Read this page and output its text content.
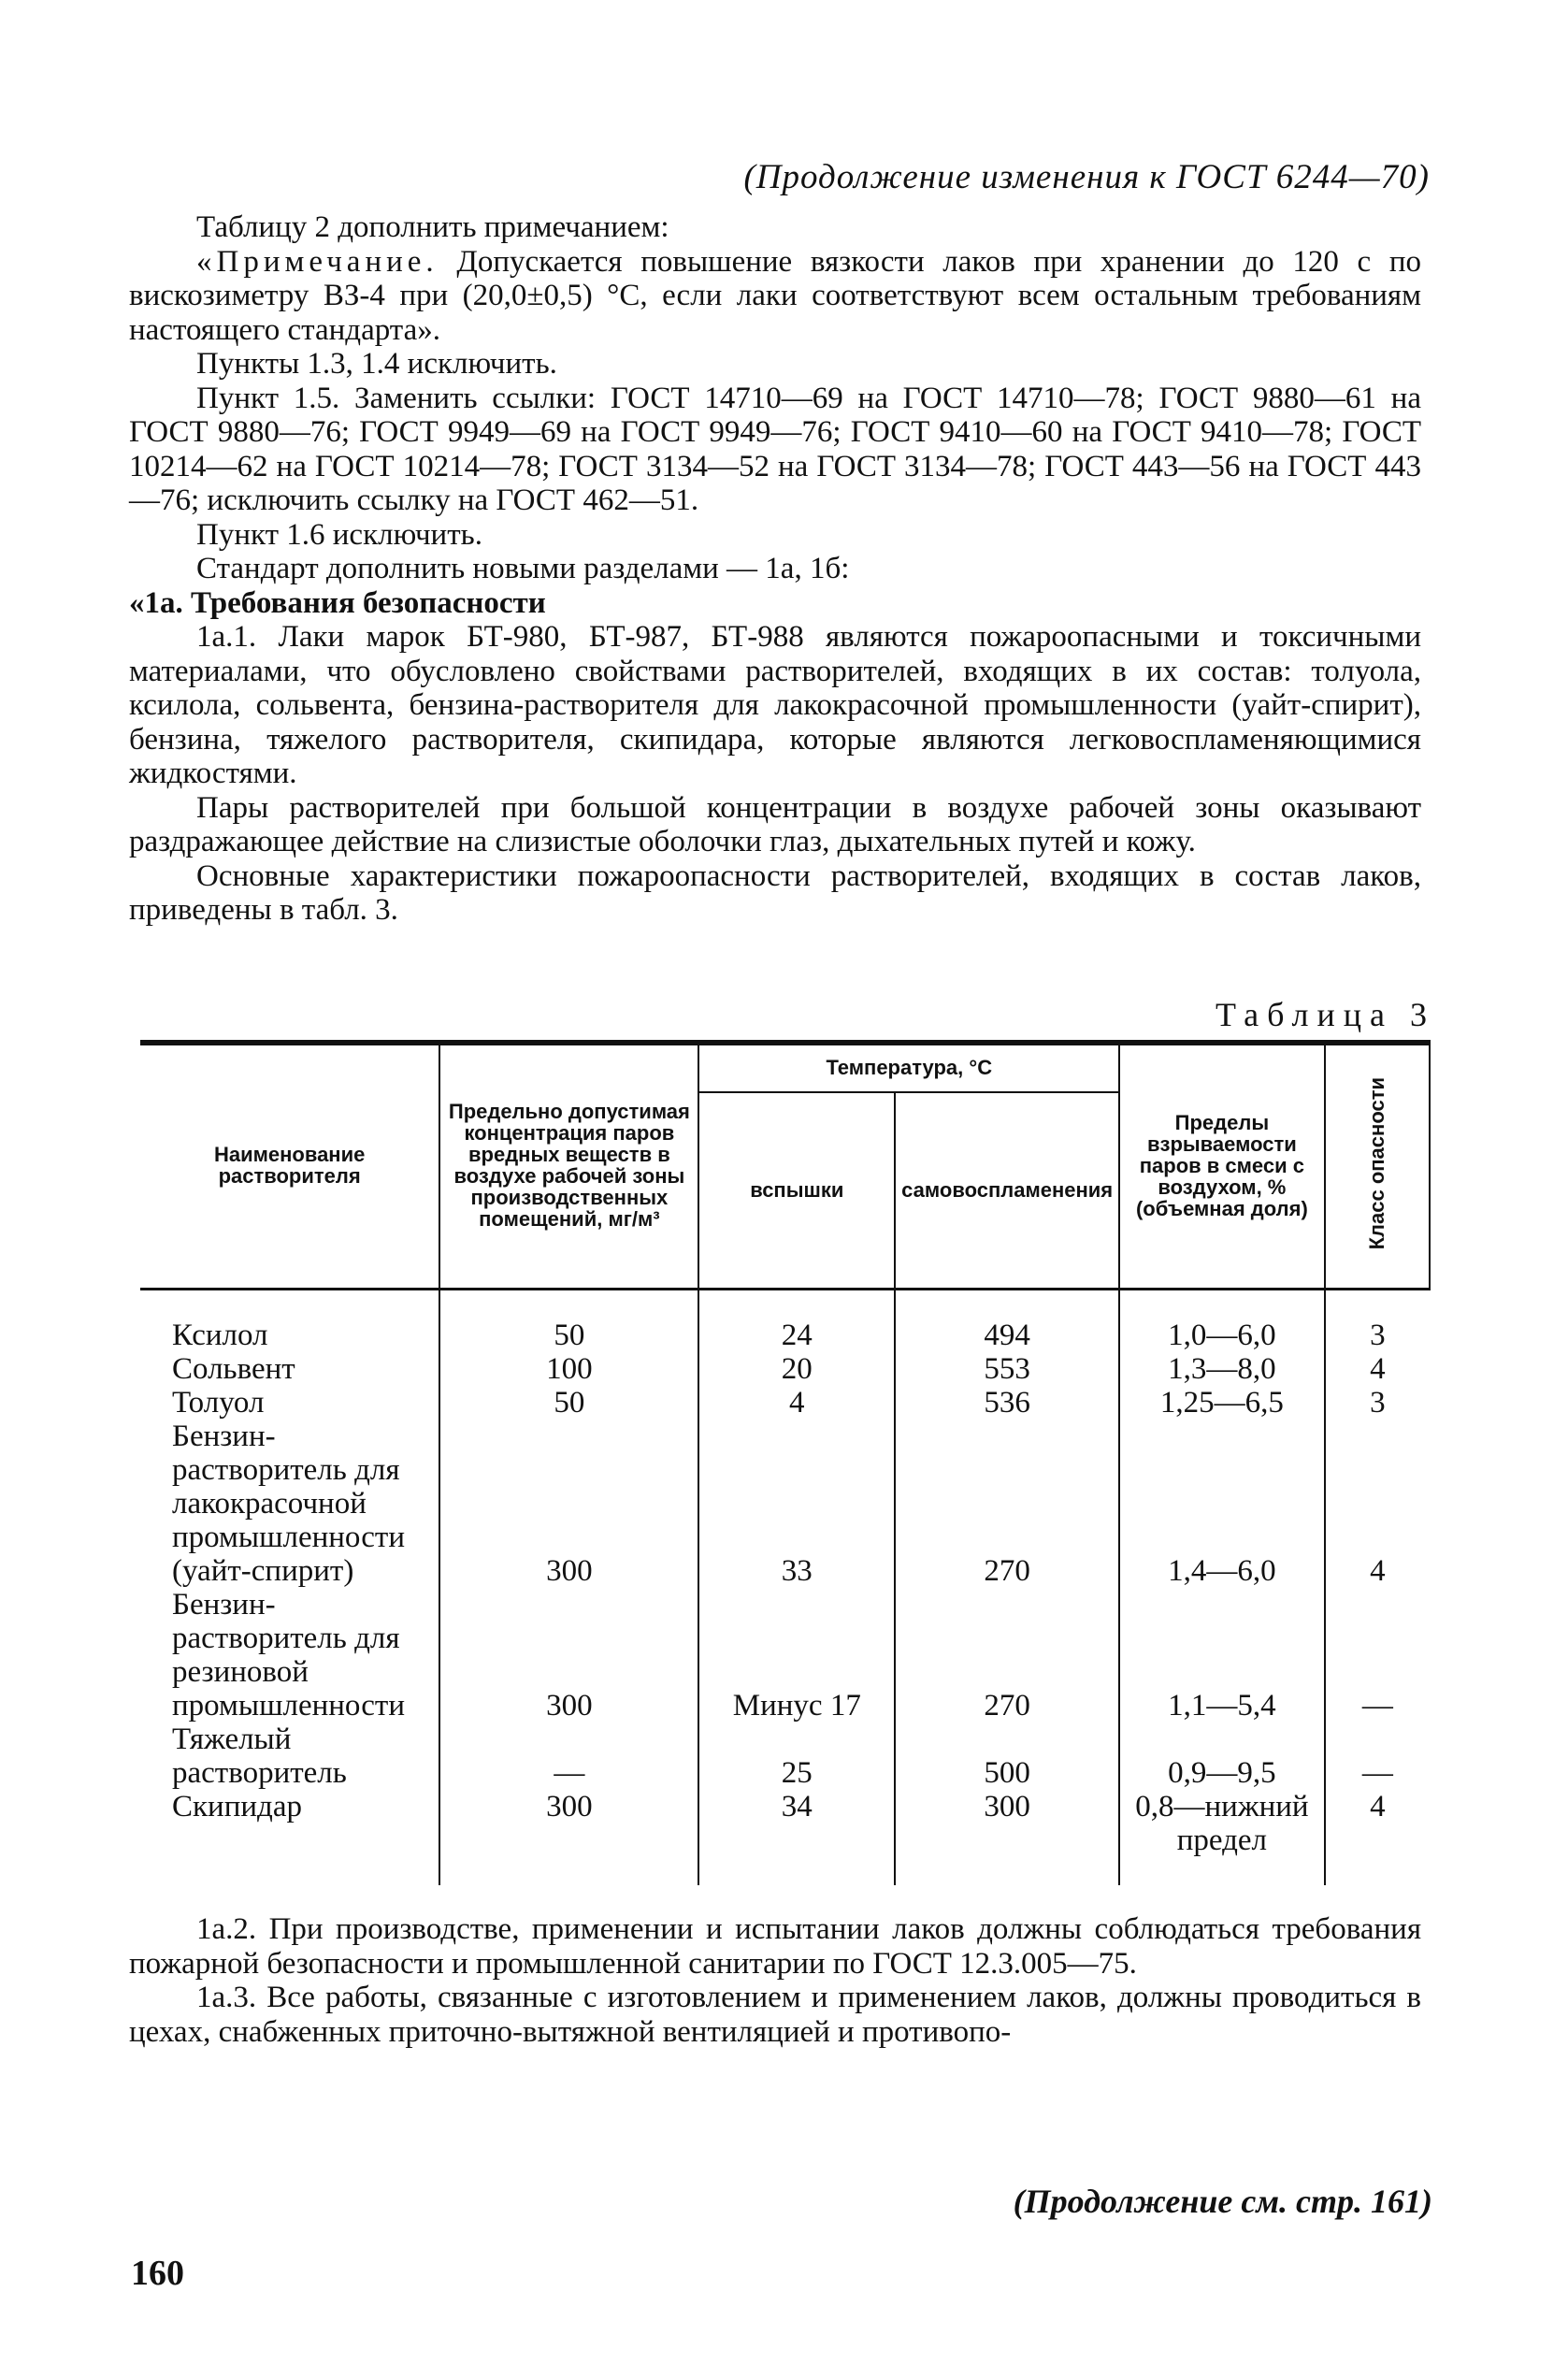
(Продолжение изменения к ГОСТ 6244—70)

Таблицу 2 дополнить примечанием:

«Примечание. Допускается повышение вязкости лаков при хранении до 120 с по вискозиметру ВЗ-4 при (20,0±0,5) °С, если лаки соответствуют всем остальным требованиям настоящего стандарта».

Пункты 1.3, 1.4 исключить.

Пункт 1.5. Заменить ссылки: ГОСТ 14710—69 на ГОСТ 14710—78; ГОСТ 9880—61 на ГОСТ 9880—76; ГОСТ 9949—69 на ГОСТ 9949—76; ГОСТ 9410—60 на ГОСТ 9410—78; ГОСТ 10214—62 на ГОСТ 10214—78; ГОСТ 3134—52 на ГОСТ 3134—78; ГОСТ 443—56 на ГОСТ 443—76; исключить ссылку на ГОСТ 462—51.

Пункт 1.6 исключить.

Стандарт дополнить новыми разделами — 1а, 1б:

«1а. Требования безопасности

1а.1. Лаки марок БТ-980, БТ-987, БТ-988 являются пожароопасными и токсичными материалами, что обусловлено свойствами растворителей, входящих в их состав: толуола, ксилола, сольвента, бензина-растворителя для лакокрасочной промышленности (уайт-спирит), бензина, тяжелого растворителя, скипидара, которые являются легковоспламеняющимися жидкостями.

Пары растворителей при большой концентрации в воздухе рабочей зоны оказывают раздражающее действие на слизистые оболочки глаз, дыхательных путей и кожу.

Основные характеристики пожароопасности растворителей, входящих в состав лаков, приведены в табл. 3.

Таблица 3
Наименование растворителя	Предельно допустимая концентрация паров вредных веществ в воздухе рабочей зоны производственных помещений, мг/м³	Температура, °С		Пределы взрываемости паров в смеси с воздухом, % (объемная доля)	Класс опасности
		вспышки	самовоспламенения		
Ксилол	50	24	494	1,0—6,0	3
Сольвент	100	20	553	1,3—8,0	4
Толуол	50	4	536	1,25—6,5	3
Бензин-растворитель для лакокрасочной промышленности (уайт-спирит)	300	33	270	1,4—6,0	4
Бензин-растворитель для резиновой промышленности	300	Минус 17	270	1,1—5,4	—
Тяжелый растворитель	—	25	500	0,9—9,5	—
Скипидар	300	34	300	0,8—нижний предел	4

1а.2. При производстве, применении и испытании лаков должны соблюдаться требования пожарной безопасности и промышленной санитарии по ГОСТ 12.3.005—75.

1а.3. Все работы, связанные с изготовлением и применением лаков, должны проводиться в цехах, снабженных приточно-вытяжной вентиляцией и противопо-

(Продолжение см. стр. 161)
160
